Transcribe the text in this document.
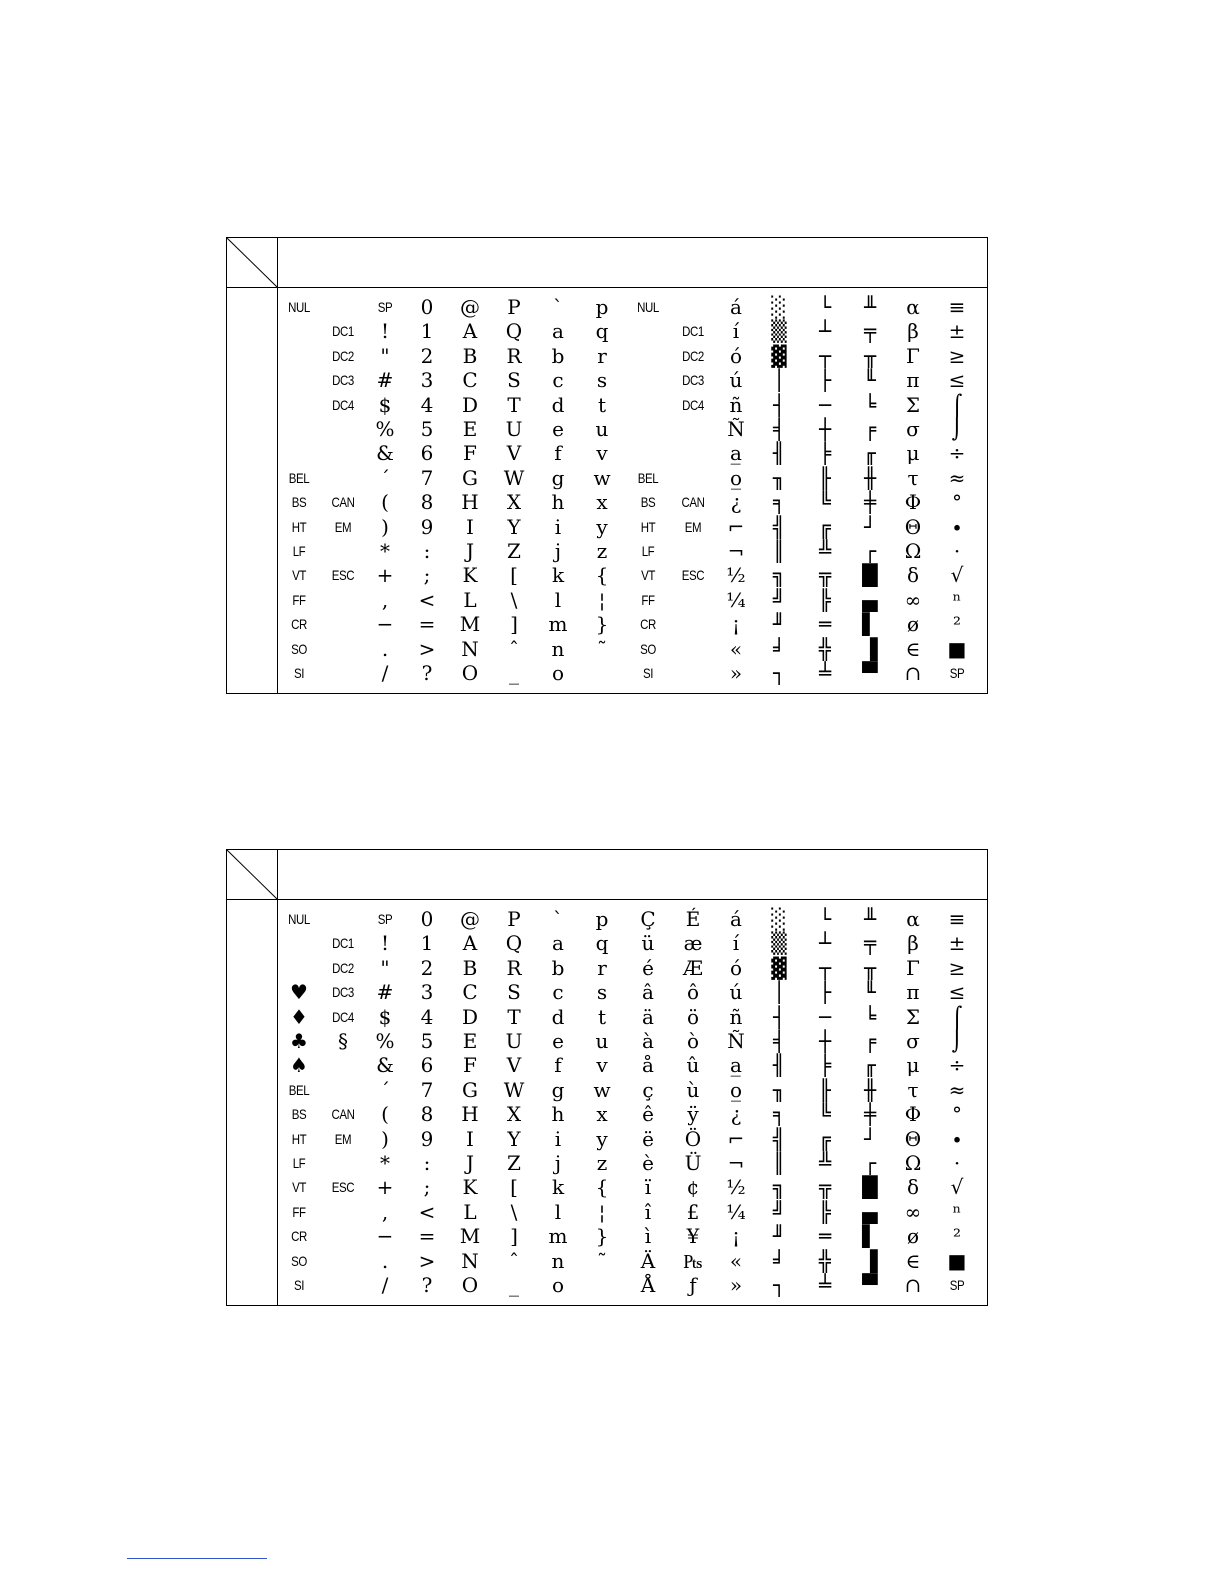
NUL
BEL
BS
HT
LF
VT
FF
CR
SO
SI
DC1
DC2
DC3
DC4
CAN
EM
ESC
SP
!
"
#
$
%
&
´
(
)
*
+
,
−
.
/
0
1
2
3
4
5
6
7
8
9
:
;
<
=
>
?
@
A
B
C
D
E
F
G
H
I
J
K
L
M
N
O
P
Q
R
S
T
U
V
W
X
Y
Z
[
\
]
ˆ
_
`
a
b
c
d
e
f
g
h
i
j
k
l
m
n
o
p
q
r
s
t
u
v
w
x
y
z
{
¦
}
˜
NUL
BEL
BS
HT
LF
VT
FF
CR
SO
SI
DC1
DC2
DC3
DC4
CAN
EM
ESC
á
í
ó
ú
ñ
Ñ
a̲
o̲
¿
⌐
¬
½
¼
¡
«
»
░
▒
▓
│
┤
╡
╢
╖
╕
╣
║
╗
╝
╜
╛
┐
└
┴
┬
├
─
┼
╞
╟
╚
╔
╩
╦
╠
═
╬
╧
╨
╤
╥
╙
╘
╒
╓
╫
╪
┘
┌
█
▄
▌
▐
▀
α
β
Γ
π
Σ
σ
μ
τ
Φ
Θ
Ω
δ
∞
ø
∈
∩
≡
±
≥
≤
⌠
⌡
÷
≈
°
∙
·
√
ⁿ
²
■
SP
NUL
♥
♦
♣
♠
BEL
BS
HT
LF
VT
FF
CR
SO
SI
DC1
DC2
DC3
DC4
§
CAN
EM
ESC
SP
!
"
#
$
%
&
´
(
)
*
+
,
−
.
/
0
1
2
3
4
5
6
7
8
9
:
;
<
=
>
?
@
A
B
C
D
E
F
G
H
I
J
K
L
M
N
O
P
Q
R
S
T
U
V
W
X
Y
Z
[
\
]
ˆ
_
`
a
b
c
d
e
f
g
h
i
j
k
l
m
n
o
p
q
r
s
t
u
v
w
x
y
z
{
¦
}
˜
Ç
ü
é
â
ä
à
å
ç
ê
ë
è
ï
î
ì
Ä
Å
É
æ
Æ
ô
ö
ò
û
ù
ÿ
Ö
Ü
¢
£
¥
₧
ƒ
á
í
ó
ú
ñ
Ñ
a̲
o̲
¿
⌐
¬
½
¼
¡
«
»
░
▒
▓
│
┤
╡
╢
╖
╕
╣
║
╗
╝
╜
╛
┐
└
┴
┬
├
─
┼
╞
╟
╚
╔
╩
╦
╠
═
╬
╧
╨
╤
╥
╙
╘
╒
╓
╫
╪
┘
┌
█
▄
▌
▐
▀
α
β
Γ
π
Σ
σ
μ
τ
Φ
Θ
Ω
δ
∞
ø
∈
∩
≡
±
≥
≤
⌠
⌡
÷
≈
°
∙
·
√
ⁿ
²
■
SP
